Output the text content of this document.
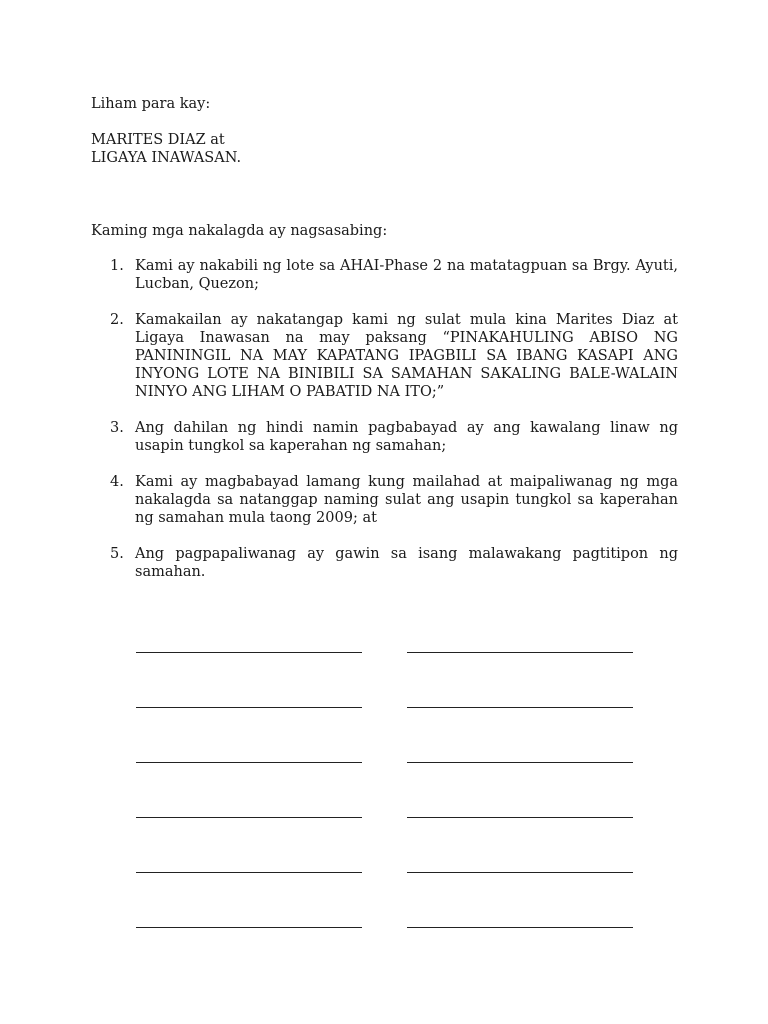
Liham para kay:
MARITES DIAZ at
LIGAYA INAWASAN.
Kaming mga nakalagda ay nagsasabing:
1. Kami ay nakabili ng lote sa AHAI-Phase 2 na matatagpuan sa Brgy. Ayuti, Lucban, Quezon;
2. Kamakailan ay nakatangap kami ng sulat mula kina Marites Diaz at Ligaya Inawasan na may paksang “PINAKAHULING ABISO NG PANININGIL NA MAY KAPATANG IPAGBILI SA IBANG KASAPI ANG INYONG LOTE NA BINIBILI SA SAMAHAN SAKALING BALE-WALAIN NINYO ANG LIHAM O PABATID NA ITO;”
3. Ang dahilan ng hindi namin pagbabayad ay ang kawalang linaw ng usapin tungkol sa kaperahan ng samahan;
4. Kami ay magbabayad lamang kung mailahad at maipaliwanag ng mga nakalagda sa natanggap naming sulat ang usapin tungkol sa kaperahan ng samahan mula taong 2009; at
5. Ang pagpapaliwanag ay gawin sa isang malawakang pagtitipon ng samahan.
